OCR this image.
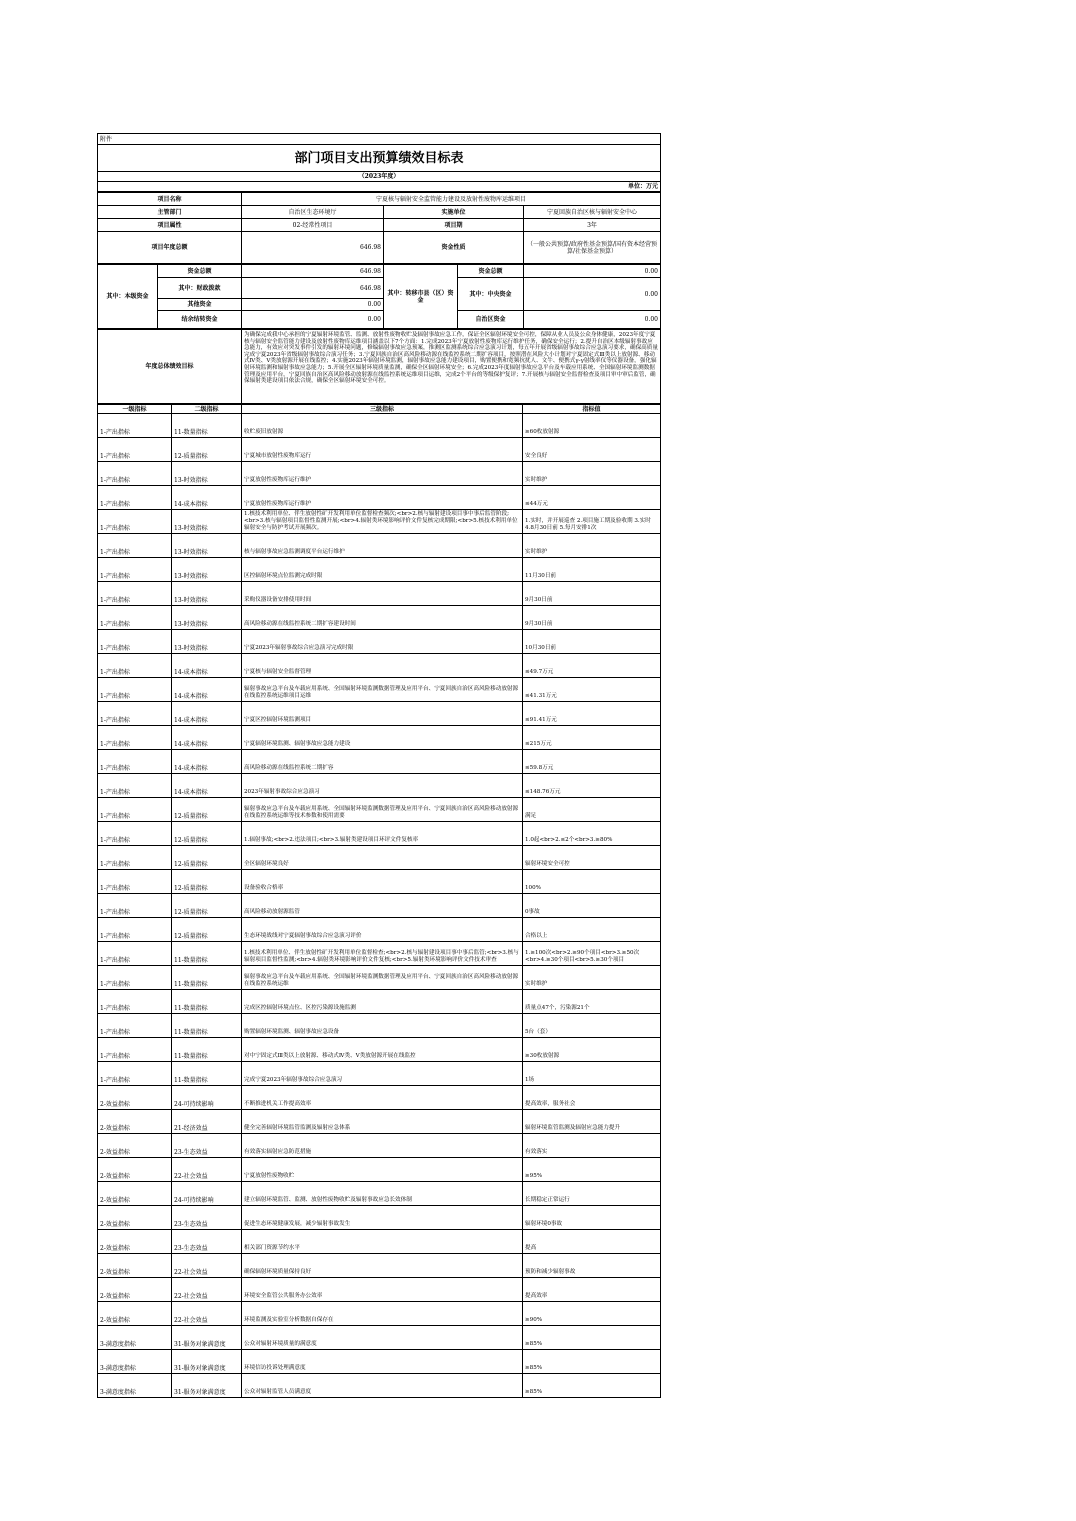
附件
部门项目支出预算绩效目标表
（2023年度）
单位：万元
项目名称	宁夏核与辐射安全监管能力建设及放射性废物库运维项目		
主管部门	自治区生态环境厅	实施单位	宁夏回族自治区核与辐射安全中心
项目属性	02-经常性项目	项目期	3年
项目年度总额	646.98	资金性质	（一般公共预算/政府性基金预算/国有资本经营预算/社保基金预算）
其中：本级资金	资金总额	646.98	其中：转移市县（区）资金	资金总额	0.00
	其中：财政拨款	646.98		其中：中央资金	0.00
	其他资金	0.00			
	结余结转资金	0.00		自治区资金	0.00
年度总体绩效目标	为确保完成我中心承担的宁夏辐射环境监管、监测、放射性废物收贮及辐射事故应急工作，保证全区辐射环境安全可控，保障从业人员及公众身体健康，2023年度宁夏核与辐射安全监管能力建设及放射性废物库运维项目涵盖以下7个方面：1.完成2023年宁夏放射性废物库运行维护任务，确保安全运行；2.提升自治区本级辐射事故应急能力，有效应对突发事件引发的辐射环境问题，修编辐射事故应急预案，推测区监测系统综合应急演习计划，每五年开展省级辐射事故综合应急演习要求，确保高质量完成宁夏2023年省级辐射事故综合演习任务；3.宁夏回族自治区高风险移动源在线监控系统二期扩容项目，按照潜在风险大小计划对宁夏固定式Ⅲ类以上放射源、移动式Ⅳ类、Ⅴ类放射源开展在线监控；4.实施2023年辐射环境监测，辐射事故应急能力建设项目，购置便携和宽频抗扰人、文牛、便携式γ-γ射线率仪等仪器设备，强化辐射环境监测和辐射事故应急能力；5.开展全区辐射环境质量监测，确保全区辐射环境安全；6.完成2023年度辐射事故应急平台及车载应用系统、全国辐射环境监测数据管理及应用平台，宁夏回族自治区高风险移动放射源在线监控系统运维项目运维，完成2个平台的等级保护复评；7.开展核与辐射安全监督检查及项目审中审后监管，确保辐射类建设项目依法合规，确保全区辐射环境安全可控。
一级指标	二级指标	三级指标	指标值
1-产出指标	11-数量指标	收贮废旧放射源	≥60枚放射源
1-产出指标	12-质量指标	宁夏城市放射性废物库运行	安全良好
1-产出指标	13-时效指标	宁夏放射性废物库运行维护	实时维护
1-产出指标	14-成本指标	宁夏放射性废物库运行维护	≤44万元
1-产出指标	13-时效指标	1.核技术利用单位、伴生放射性矿开发利用单位监督检查频次;<br>2.核与辐射建设项目事中事后监管阶段;<br>3.核与辐射项目监督性监测开展;<br>4.辐射类环境影响评价文件复核完成期限;<br>5.核技术利用单位辐射安全与防护考试开展频次。	1.实时，并开展巡查 2.项目施工期及验收期 3.实时 4.8月30日前 5.每月安排1次
1-产出指标	13-时效指标	核与辐射事故应急监测调度平台运行维护	实时维护
1-产出指标	13-时效指标	区控辐射环境点位监测完成时限	11月30日前
1-产出指标	13-时效指标	采购仪器设备安排使用时间	9月30日前
1-产出指标	13-时效指标	高风险移动源在线监控系统二期扩容建设时间	9月30日前
1-产出指标	13-时效指标	宁夏2023年辐射事故综合应急演习完成时限	10月30日前
1-产出指标	14-成本指标	宁夏核与辐射安全监督管理	≤49.7万元
1-产出指标	14-成本指标	辐射事故应急平台及车载应用系统、全国辐射环境监测数据管理及应用平台、宁夏回族自治区高风险移动放射源在线监控系统运维项目运维	≤41.31万元
1-产出指标	14-成本指标	宁夏区控辐射环境监测项目	≤91.41万元
1-产出指标	14-成本指标	宁夏辐射环境监测、辐射事故应急能力建设	≤215万元
1-产出指标	14-成本指标	高风险移动源在线监控系统二期扩容	≤59.8万元
1-产出指标	14-成本指标	2023年辐射事故综合应急演习	≤148.76万元
1-产出指标	12-质量指标	辐射事故应急平台及车载应用系统、全国辐射环境监测数据管理及应用平台、宁夏回族自治区高风险移动放射源在线监控系统运维等技术参数和使用需要	满足
1-产出指标	12-质量指标	1.辐射事故;<br>2.违法项目;<br>3.辐射类建设项目环评文件复核率	1.0起<br>2.≤2个<br>3.≥80%
1-产出指标	12-质量指标	全区辐射环境良好	辐射环境安全可控
1-产出指标	12-质量指标	设备验收合格率	100%
1-产出指标	12-质量指标	高风险移动放射源监管	0事故
1-产出指标	12-质量指标	生态环境战线对宁夏辐射事故综合应急演习评价	合格以上
1-产出指标	11-数量指标	1.核技术利用单位、伴生放射性矿开发利用单位监督检查;<br>2.核与辐射建设项目事中事后监管;<br>3.核与辐射项目监督性监测;<br>4.辐射类环境影响评价文件复核;<br>5.辐射类环境影响评价文件技术审查	1.≥100次<br>2.≥90个项目<br>3.≥50次<br>4.≥30个项目<br>5.≥30个项目
1-产出指标	11-数量指标	辐射事故应急平台及车载应用系统、全国辐射环境监测数据管理及应用平台、宁夏回族自治区高风险移动放射源在线监控系统运维	实时维护
1-产出指标	11-数量指标	完成区控辐射环境点位、区控污染源设施监测	质量点47个，污染源21个
1-产出指标	11-数量指标	购置辐射环境监测、辐射事故应急设备	5台（套）
1-产出指标	11-数量指标	对中宁固定式Ⅲ类以上放射源、移动式Ⅳ类、Ⅴ类放射源开展在线监控	≥30枚放射源
1-产出指标	11-数量指标	完成宁夏2023年辐射事故综合应急演习	1场
2-效益指标	24-可持续影响	不断推进机关工作提高效率	提高效率，服务社会
2-效益指标	21-经济效益	健全完善辐射环境监管监测及辐射应急体系	辐射环境监管监测及辐射应急能力提升
2-效益指标	23-生态效益	有效落实辐射应急防范措施	有效落实
2-效益指标	22-社会效益	宁夏放射性废物收贮	≥95%
2-效益指标	24-可持续影响	建立辐射环境监管、监测、放射性废物收贮及辐射事故应急长效体制	长期稳定正常运行
2-效益指标	23-生态效益	促进生态环境健康发展，减少辐射事故发生	辐射环境0事故
2-效益指标	23-生态效益	相关部门资源节约水平	提高
2-效益指标	22-社会效益	确保辐射环境质量保持良好	预防和减少辐射事故
2-效益指标	22-社会效益	环境安全监管公共服务办公效率	提高效率
2-效益指标	22-社会效益	环境监测及实验室分析数据自保存在	≥90%
3-满意度指标	31-服务对象满意度	公众对辐射环境质量的满意度	≥85%
3-满意度指标	31-服务对象满意度	环境信访投诉处理满意度	≥85%
3-满意度指标	31-服务对象满意度	公众对辐射监管人员满意度	≥85%
